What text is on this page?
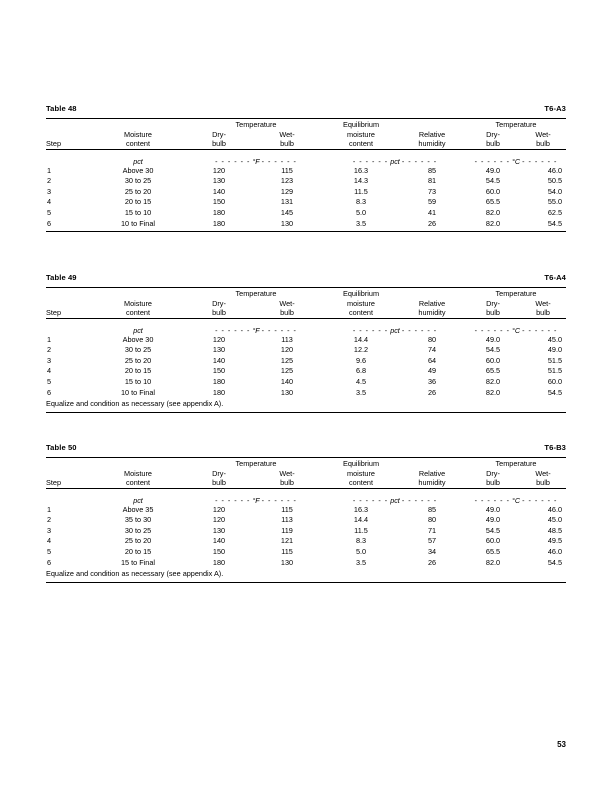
Table 48	T6-A3
		Temperature		Equilibrium		Temperature	
	Moisture	Dry-	Wet-	moisture	Relative	Dry-	Wet-
Step	content	bulb	bulb	content	humidity	bulb	bulb
	pct	- - - - - - °F - - - - - -		- - - - - - pct - - - - - -		- - - - - - °C - - - - - -	
1	Above 30	120	115	16.3	85	49.0	46.0
2	30 to 25	130	123	14.3	81	54.5	50.5
3	25 to 20	140	129	11.5	73	60.0	54.0
4	20 to 15	150	131	8.3	59	65.5	55.0
5	15 to 10	180	145	5.0	41	82.0	62.5
6	10 to Final	180	130	3.5	26	82.0	54.5
Table 49	T6-A4
		Temperature		Equilibrium		Temperature	
	Moisture	Dry-	Wet-	moisture	Relative	Dry-	Wet-
Step	content	bulb	bulb	content	humidity	bulb	bulb
	pct	- - - - - - °F - - - - - -		- - - - - - pct - - - - - -		- - - - - - °C - - - - - -	
1	Above 30	120	113	14.4	80	49.0	45.0
2	30 to 25	130	120	12.2	74	54.5	49.0
3	25 to 20	140	125	9.6	64	60.0	51.5
4	20 to 15	150	125	6.8	49	65.5	51.5
5	15 to 10	180	140	4.5	36	82.0	60.0
6	10 to Final	180	130	3.5	26	82.0	54.5
Equalize and condition as necessary (see appendix A).							
Table 50	T6-B3
		Temperature		Equilibrium		Temperature	
	Moisture	Dry-	Wet-	moisture	Relative	Dry-	Wet-
Step	content	bulb	bulb	content	humidity	bulb	bulb
	pct	- - - - - - °F - - - - - -		- - - - - - pct - - - - - -		- - - - - - °C - - - - - -	
1	Above 35	120	115	16.3	85	49.0	46.0
2	35 to 30	120	113	14.4	80	49.0	45.0
3	30 to 25	130	119	11.5	71	54.5	48.5
4	25 to 20	140	121	8.3	57	60.0	49.5
5	20 to 15	150	115	5.0	34	65.5	46.0
6	15 to Final	180	130	3.5	26	82.0	54.5
Equalize and condition as necessary (see appendix A).							
53
